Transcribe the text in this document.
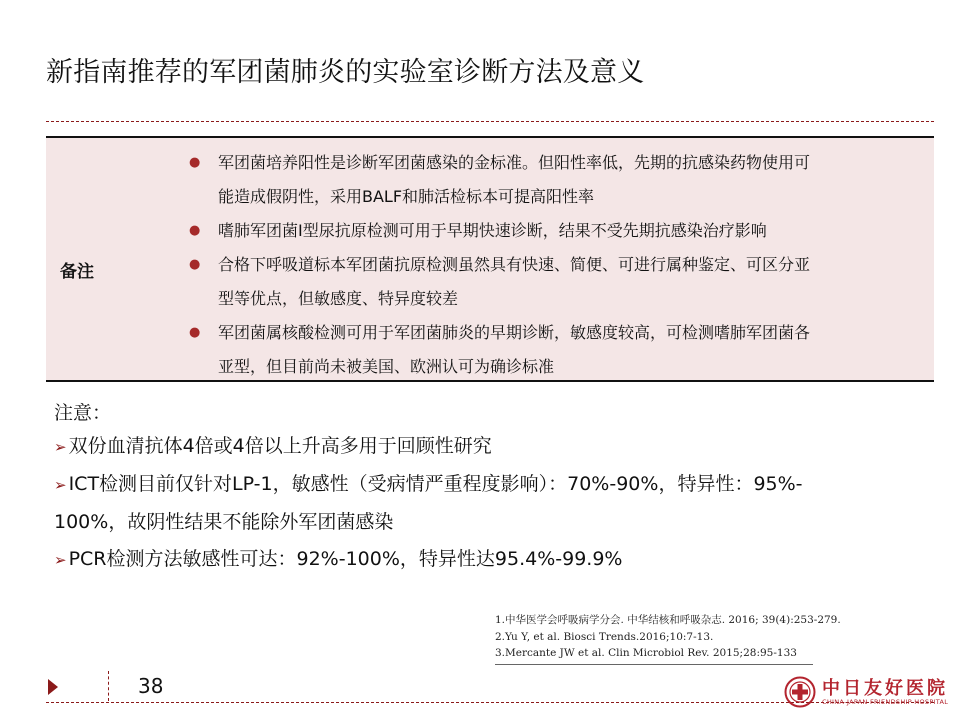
新指南推荐的军团菌肺炎的实验室诊断方法及意义
备注
● 军团菌培养阳性是诊断军团菌感染的金标准。但阳性率低，先期的抗感染药物使用可
能造成假阴性，采用BALF和肺活检标本可提高阳性率
● 嗜肺军团菌I型尿抗原检测可用于早期快速诊断，结果不受先期抗感染治疗影响
● 合格下呼吸道标本军团菌抗原检测虽然具有快速、简便、可进行属种鉴定、可区分亚
型等优点，但敏感度、特异度较差
● 军团菌属核酸检测可用于军团菌肺炎的早期诊断，敏感度较高，可检测嗜肺军团菌各
亚型，但目前尚未被美国、欧洲认可为确诊标准
注意：
➢ 双份血清抗体4倍或4倍以上升高多用于回顾性研究
➢ ICT检测目前仅针对LP-1，敏感性（受病情严重程度影响）：70%-90%，特异性：95%-
100%，故阴性结果不能除外军团菌感染
➢ PCR检测方法敏感性可达：92%-100%，特异性达95.4%-99.9%
1.中华医学会呼吸病学分会. 中华结核和呼吸杂志. 2016; 39(4):253-279.
2.Yu Y, et al. Biosci Trends.2016;10:7-13.
3.Mercante JW et al. Clin Microbiol Rev. 2015;28:95-133
38	中日友好医院
CHINA-JAPAN FRIENDSHIP HOSPITAL
